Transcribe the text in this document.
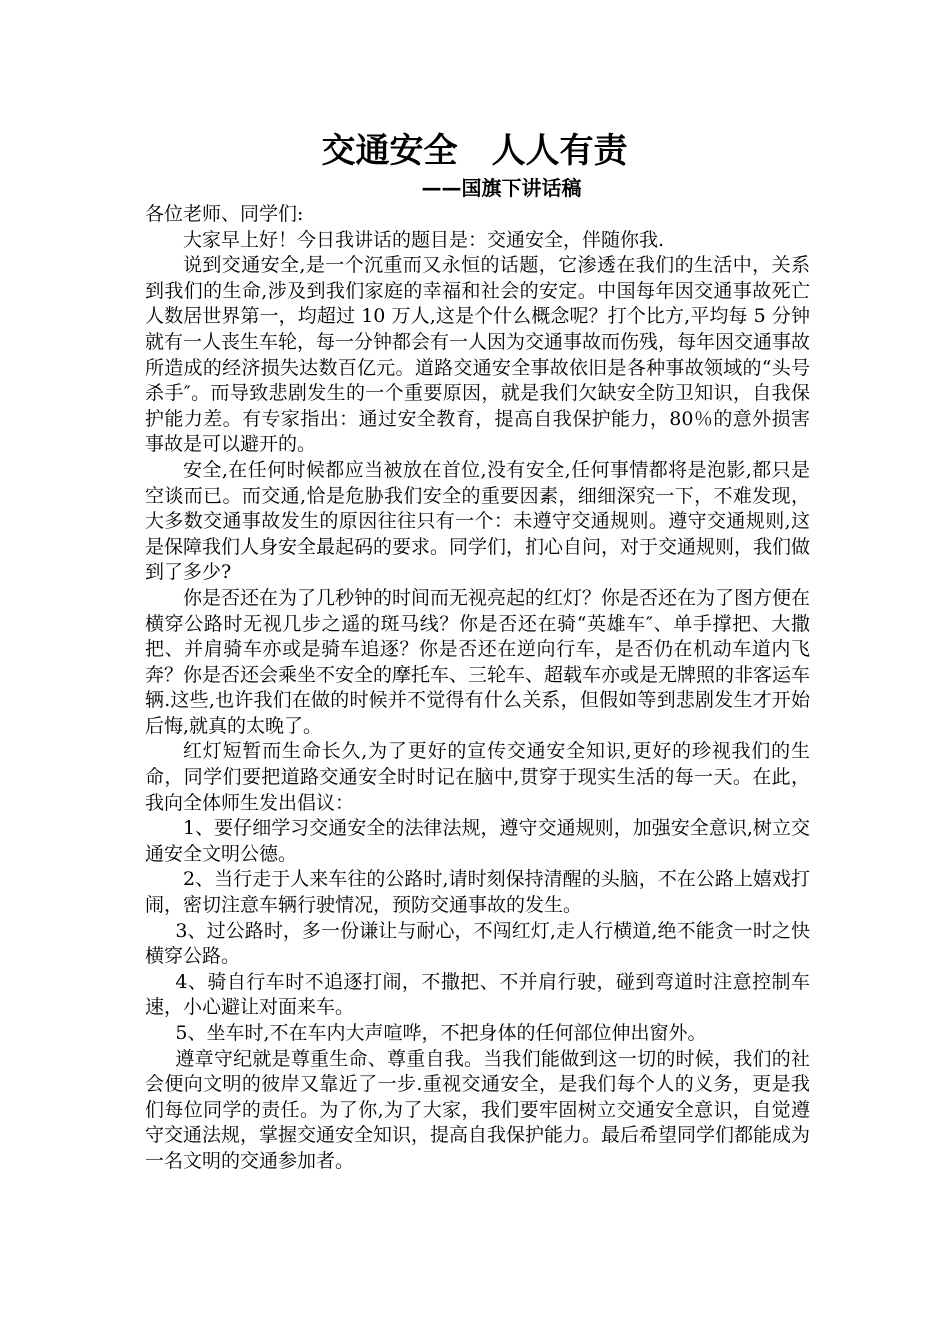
交通安全　人人有责
——国旗下讲话稿

各位老师、同学们:

大家早上好！今日我讲话的题目是：交通安全，伴随你我.

说到交通安全,是一个沉重而又永恒的话题，它渗透在我们的生活中，关系到我们的生命,涉及到我们家庭的幸福和社会的安定。中国每年因交通事故死亡人数居世界第一，均超过 10 万人,这是个什么概念呢？打个比方,平均每 5 分钟就有一人丧生车轮，每一分钟都会有一人因为交通事故而伤残，每年因交通事故所造成的经济损失达数百亿元。道路交通安全事故依旧是各种事故领域的“头号杀手″。而导致悲剧发生的一个重要原因，就是我们欠缺安全防卫知识，自我保护能力差。有专家指出：通过安全教育，提高自我保护能力，80％的意外损害事故是可以避开的。

安全,在任何时候都应当被放在首位,没有安全,任何事情都将是泡影,都只是空谈而已。而交通,恰是危胁我们安全的重要因素，细细深究一下，不难发现，大多数交通事故发生的原因往往只有一个：未遵守交通规则。遵守交通规则,这是保障我们人身安全最起码的要求。同学们，扪心自问，对于交通规则，我们做到了多少?

你是否还在为了几秒钟的时间而无视亮起的红灯？你是否还在为了图方便在横穿公路时无视几步之遥的斑马线？你是否还在骑“英雄车″、单手撑把、大撒把、并肩骑车亦或是骑车追逐？你是否还在逆向行车，是否仍在机动车道内飞奔？你是否还会乘坐不安全的摩托车、三轮车、超载车亦或是无牌照的非客运车辆.这些,也许我们在做的时候并不觉得有什么关系，但假如等到悲剧发生才开始后悔,就真的太晚了。

红灯短暂而生命长久,为了更好的宣传交通安全知识,更好的珍视我们的生命，同学们要把道路交通安全时时记在脑中,贯穿于现实生活的每一天。在此，我向全体师生发出倡议：

1、要仔细学习交通安全的法律法规，遵守交通规则，加强安全意识,树立交通安全文明公德。

2、当行走于人来车往的公路时,请时刻保持清醒的头脑，不在公路上嬉戏打闹，密切注意车辆行驶情况，预防交通事故的发生。

3、过公路时，多一份谦让与耐心，不闯红灯,走人行横道,绝不能贪一时之快横穿公路。

4、骑自行车时不追逐打闹，不撒把、不并肩行驶，碰到弯道时注意控制车速，小心避让对面来车。

5、坐车时,不在车内大声喧哗，不把身体的任何部位伸出窗外。

遵章守纪就是尊重生命、尊重自我。当我们能做到这一切的时候，我们的社会便向文明的彼岸又靠近了一步.重视交通安全，是我们每个人的义务，更是我们每位同学的责任。为了你,为了大家，我们要牢固树立交通安全意识，自觉遵守交通法规，掌握交通安全知识，提高自我保护能力。最后希望同学们都能成为一名文明的交通参加者。
